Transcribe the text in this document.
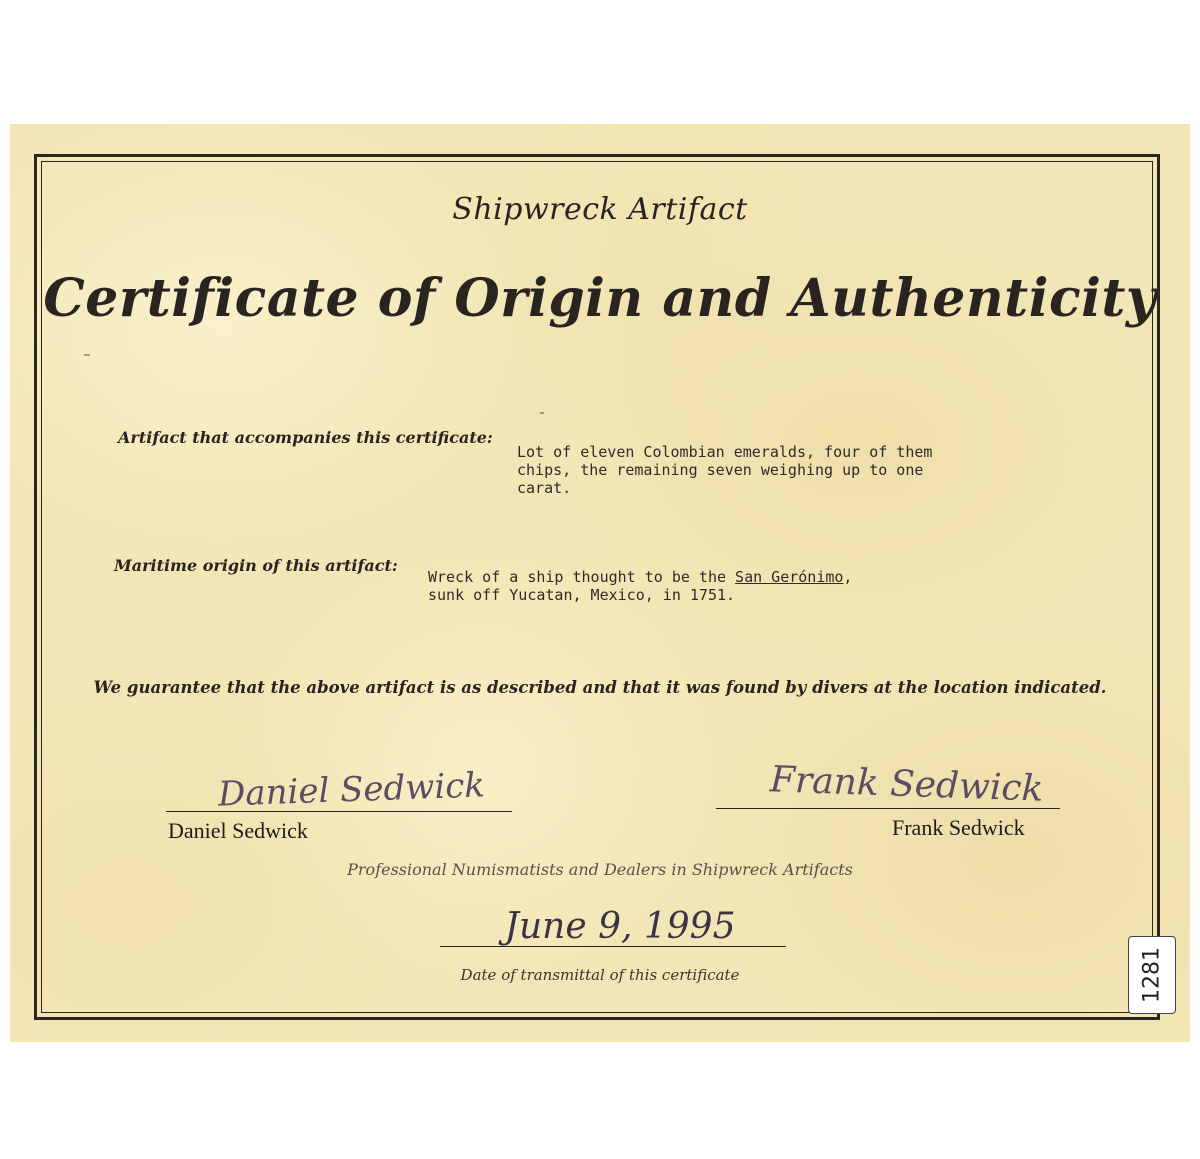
Shipwreck Artifact
Certificate of Origin and Authenticity
Artifact that accompanies this certificate:
Lot of eleven Colombian emeralds, four of them
chips, the remaining seven weighing up to one
carat.
Maritime origin of this artifact:
Wreck of a ship thought to be the San Gerónimo,
sunk off Yucatan, Mexico, in 1751.
We guarantee that the above artifact is as described and that it was found by divers at the location indicated.
Daniel Sedwick
Daniel Sedwick
Frank Sedwick
Frank Sedwick
Professional Numismatists and Dealers in Shipwreck Artifacts
June 9, 1995
Date of transmittal of this certificate	1281
